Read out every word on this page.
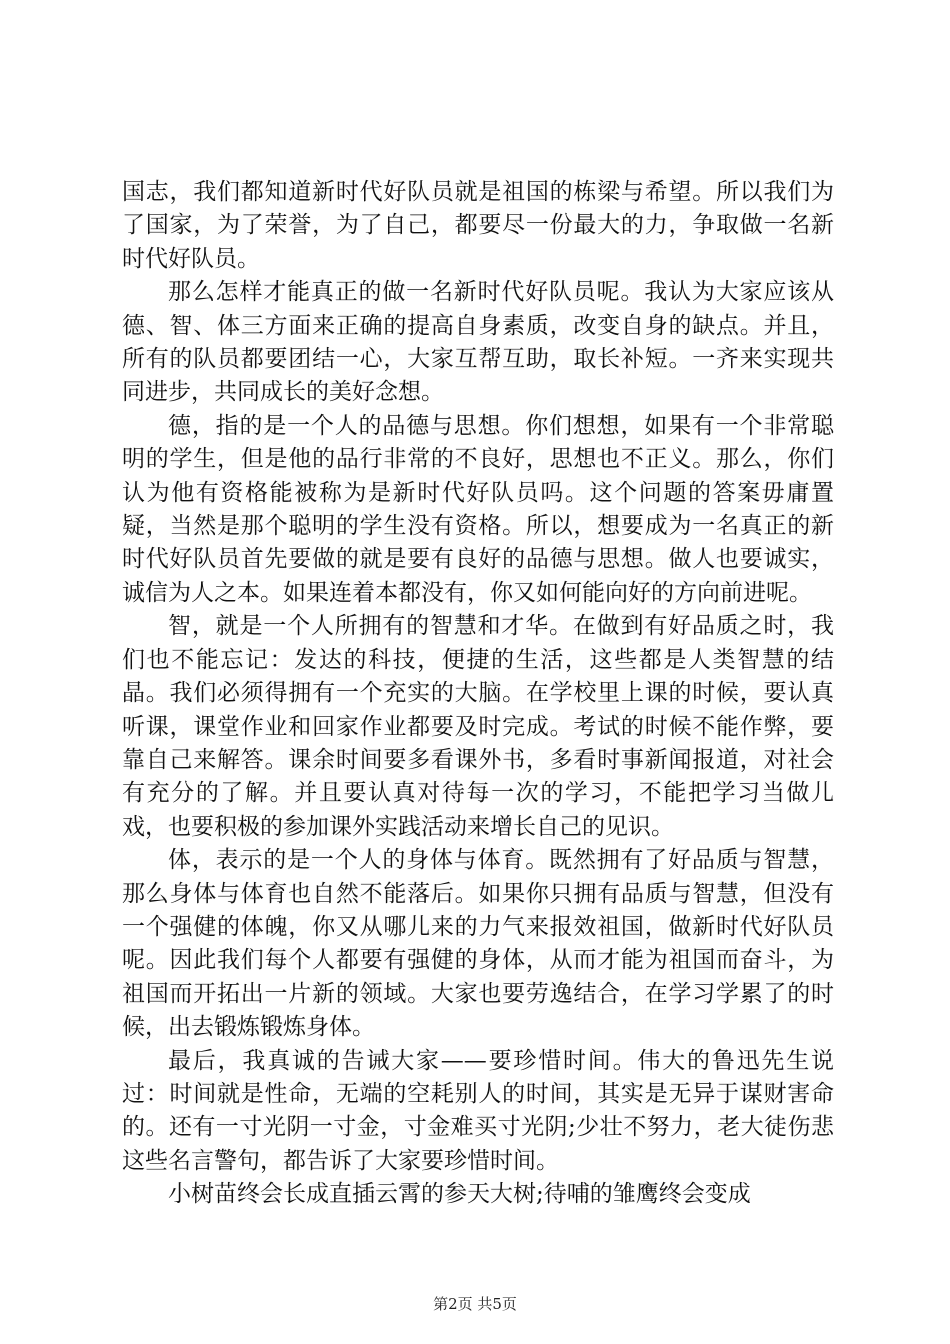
国志，我们都知道新时代好队员就是祖国的栋梁与希望。所以我们为了国家，为了荣誉，为了自己，都要尽一份最大的力，争取做一名新时代好队员。

那么怎样才能真正的做一名新时代好队员呢。我认为大家应该从德、智、体三方面来正确的提高自身素质，改变自身的缺点。并且，所有的队员都要团结一心，大家互帮互助，取长补短。一齐来实现共同进步，共同成长的美好念想。

德，指的是一个人的品德与思想。你们想想，如果有一个非常聪明的学生，但是他的品行非常的不良好，思想也不正义。那么，你们认为他有资格能被称为是新时代好队员吗。这个问题的答案毋庸置疑，当然是那个聪明的学生没有资格。所以，想要成为一名真正的新时代好队员首先要做的就是要有良好的品德与思想。做人也要诚实，诚信为人之本。如果连着本都没有，你又如何能向好的方向前进呢。

智，就是一个人所拥有的智慧和才华。在做到有好品质之时，我们也不能忘记：发达的科技，便捷的生活，这些都是人类智慧的结晶。我们必须得拥有一个充实的大脑。在学校里上课的时候，要认真听课，课堂作业和回家作业都要及时完成。考试的时候不能作弊，要靠自己来解答。课余时间要多看课外书，多看时事新闻报道，对社会有充分的了解。并且要认真对待每一次的学习，不能把学习当做儿戏，也要积极的参加课外实践活动来增长自己的见识。

体，表示的是一个人的身体与体育。既然拥有了好品质与智慧，那么身体与体育也自然不能落后。如果你只拥有品质与智慧，但没有一个强健的体魄，你又从哪儿来的力气来报效祖国，做新时代好队员呢。因此我们每个人都要有强健的身体，从而才能为祖国而奋斗，为祖国而开拓出一片新的领域。大家也要劳逸结合，在学习学累了的时候，出去锻炼锻炼身体。

最后，我真诚的告诫大家——要珍惜时间。伟大的鲁迅先生说过：时间就是性命，无端的空耗别人的时间，其实是无异于谋财害命的。还有一寸光阴一寸金，寸金难买寸光阴;少壮不努力，老大徒伤悲这些名言警句，都告诉了大家要珍惜时间。

小树苗终会长成直插云霄的参天大树;待哺的雏鹰终会变成

第2页 共5页
